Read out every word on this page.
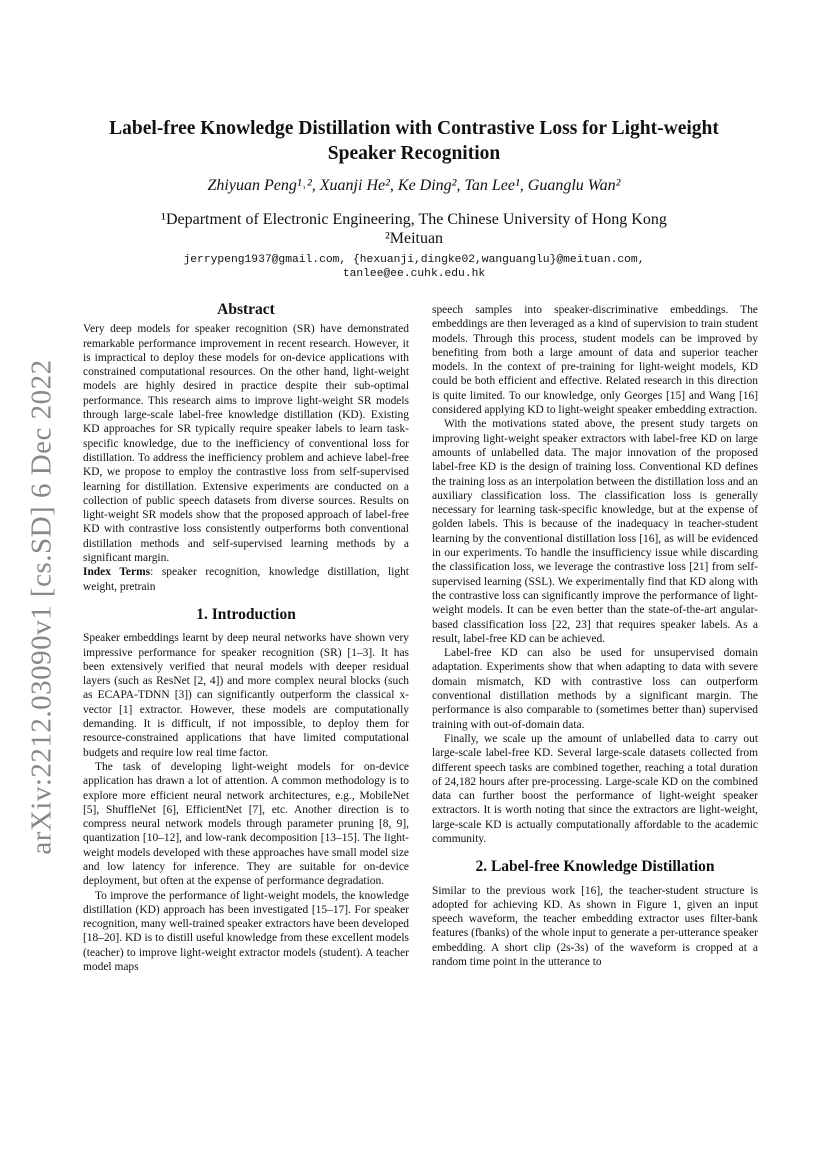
arXiv:2212.03090v1 [cs.SD] 6 Dec 2022
Label-free Knowledge Distillation with Contrastive Loss for Light-weight Speaker Recognition
Zhiyuan Peng¹˒², Xuanji He², Ke Ding², Tan Lee¹, Guanglu Wan²
¹Department of Electronic Engineering, The Chinese University of Hong Kong
²Meituan
jerrypeng1937@gmail.com, {hexuanji,dingke02,wanguanglu}@meituan.com,
tanlee@ee.cuhk.edu.hk
Abstract

Very deep models for speaker recognition (SR) have demonstrated remarkable performance improvement in recent research. However, it is impractical to deploy these models for on-device applications with constrained computational resources. On the other hand, light-weight models are highly desired in practice despite their sub-optimal performance. This research aims to improve light-weight SR models through large-scale label-free knowledge distillation (KD). Existing KD approaches for SR typically require speaker labels to learn task-specific knowledge, due to the inefficiency of conventional loss for distillation. To address the inefficiency problem and achieve label-free KD, we propose to employ the contrastive loss from self-supervised learning for distillation. Extensive experiments are conducted on a collection of public speech datasets from diverse sources. Results on light-weight SR models show that the proposed approach of label-free KD with contrastive loss consistently outperforms both conventional distillation methods and self-supervised learning methods by a significant margin.

Index Terms: speaker recognition, knowledge distillation, light weight, pretrain

1. Introduction

Speaker embeddings learnt by deep neural networks have shown very impressive performance for speaker recognition (SR) [1–3]. It has been extensively verified that neural models with deeper residual layers (such as ResNet [2, 4]) and more complex neural blocks (such as ECAPA-TDNN [3]) can significantly outperform the classical x-vector [1] extractor. However, these models are computationally demanding. It is difficult, if not impossible, to deploy them for resource-constrained applications that have limited computational budgets and require low real time factor.

The task of developing light-weight models for on-device application has drawn a lot of attention. A common methodology is to explore more efficient neural network architectures, e.g., MobileNet [5], ShuffleNet [6], EfficientNet [7], etc. Another direction is to compress neural network models through parameter pruning [8, 9], quantization [10–12], and low-rank decomposition [13–15]. The light-weight models developed with these approaches have small model size and low latency for inference. They are suitable for on-device deployment, but often at the expense of performance degradation.

To improve the performance of light-weight models, the knowledge distillation (KD) approach has been investigated [15–17]. For speaker recognition, many well-trained speaker extractors have been developed [18–20]. KD is to distill useful knowledge from these excellent models (teacher) to improve light-weight extractor models (student). A teacher model maps

speech samples into speaker-discriminative embeddings. The embeddings are then leveraged as a kind of supervision to train student models. Through this process, student models can be improved by benefiting from both a large amount of data and superior teacher models. In the context of pre-training for light-weight models, KD could be both efficient and effective. Related research in this direction is quite limited. To our knowledge, only Georges [15] and Wang [16] considered applying KD to light-weight speaker embedding extraction.

With the motivations stated above, the present study targets on improving light-weight speaker extractors with label-free KD on large amounts of unlabelled data. The major innovation of the proposed label-free KD is the design of training loss. Conventional KD defines the training loss as an interpolation between the distillation loss and an auxiliary classification loss. The classification loss is generally necessary for learning task-specific knowledge, but at the expense of golden labels. This is because of the inadequacy in teacher-student learning by the conventional distillation loss [16], as will be evidenced in our experiments. To handle the insufficiency issue while discarding the classification loss, we leverage the contrastive loss [21] from self-supervised learning (SSL). We experimentally find that KD along with the contrastive loss can significantly improve the performance of light-weight models. It can be even better than the state-of-the-art angular-based classification loss [22, 23] that requires speaker labels. As a result, label-free KD can be achieved.

Label-free KD can also be used for unsupervised domain adaptation. Experiments show that when adapting to data with severe domain mismatch, KD with contrastive loss can outperform conventional distillation methods by a significant margin. The performance is also comparable to (sometimes better than) supervised training with out-of-domain data.

Finally, we scale up the amount of unlabelled data to carry out large-scale label-free KD. Several large-scale datasets collected from different speech tasks are combined together, reaching a total duration of 24,182 hours after pre-processing. Large-scale KD on the combined data can further boost the performance of light-weight speaker extractors. It is worth noting that since the extractors are light-weight, large-scale KD is actually computationally affordable to the academic community.

2. Label-free Knowledge Distillation

Similar to the previous work [16], the teacher-student structure is adopted for achieving KD. As shown in Figure 1, given an input speech waveform, the teacher embedding extractor uses filter-bank features (fbanks) of the whole input to generate a per-utterance speaker embedding. A short clip (2s-3s) of the waveform is cropped at a random time point in the utterance to
